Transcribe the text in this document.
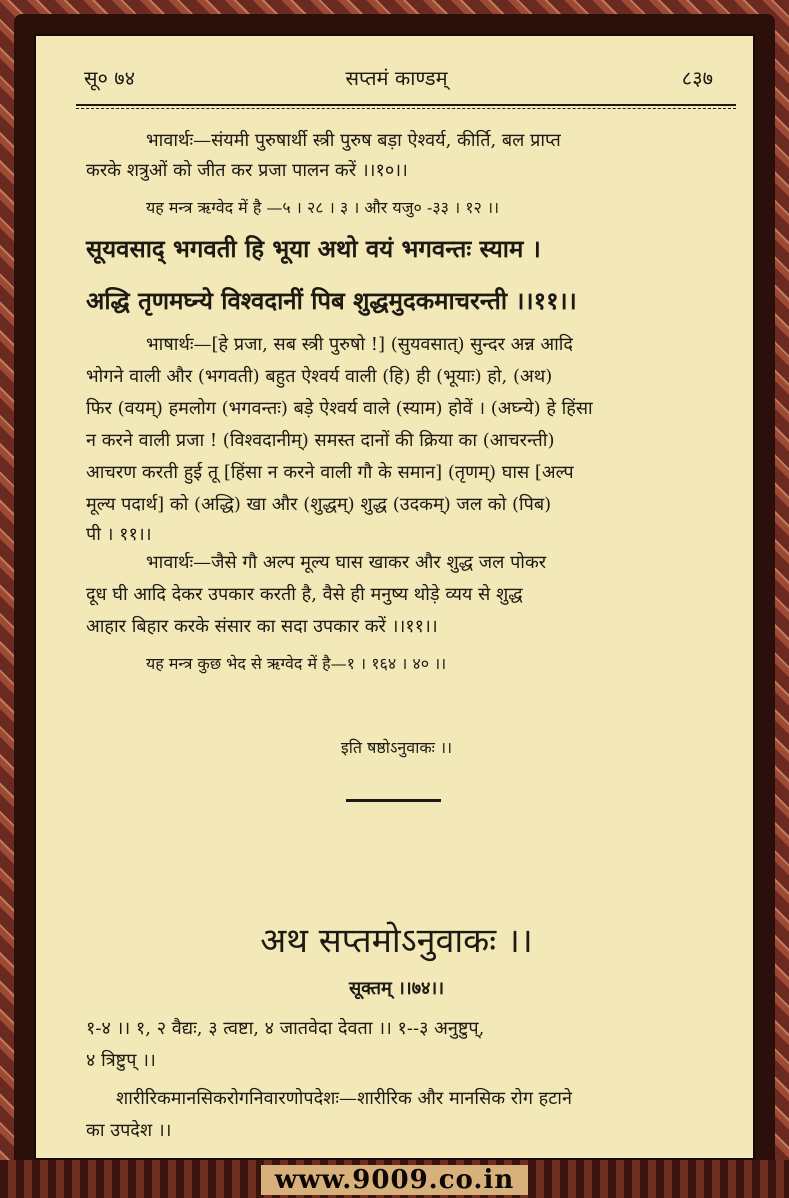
www.9009.co.in
सू० ७४	सप्तमं काण्डम्	८३७
भावार्थः—संयमी पुरुषार्थी स्त्री पुरुष बड़ा ऐश्वर्य, कीर्ति, बल प्राप्त
करके शत्रुओं को जीत कर प्रजा पालन करें ।।१०।।
यह मन्त्र ऋग्वेद में है —५ । २८ । ३ । और यजु० -३३ । १२ ।।
सूयवसाद् भगवती हि भूया अथो वयं भगवन्तः स्याम ।
अद्धि तृणमघ्न्ये विश्वदानीं पिब शुद्धमुदकमाचरन्ती ।।११।।
भाषार्थः—[हे प्रजा, सब स्त्री पुरुषो !] (सुयवसात्) सुन्दर अन्न आदि
भोगने वाली और (भगवती) बहुत ऐश्वर्य वाली (हि) ही (भूयाः) हो, (अथ)
फिर (वयम्) हमलोग (भगवन्तः) बड़े ऐश्वर्य वाले (स्याम) होवें । (अघ्न्ये) हे हिंसा
न करने वाली प्रजा ! (विश्वदानीम्) समस्त दानों की क्रिया का (आचरन्ती)
आचरण करती हुई तू [हिंसा न करने वाली गौ के समान] (तृणम्) घास [अल्प
मूल्य पदार्थ] को (अद्धि) खा और (शुद्धम्) शुद्ध (उदकम्) जल को (पिब)
पी । ११।।
भावार्थः—जैसे गौ अल्प मूल्य घास खाकर और शुद्ध जल पोकर
दूध घी आदि देकर उपकार करती है, वैसे ही मनुष्य थोड़े व्यय से शुद्ध
आहार बिहार करके संसार का सदा उपकार करें ।।११।।
यह मन्त्र कुछ भेद से ऋग्वेद में है—१ । १६४ । ४० ।।
इति षष्ठोऽनुवाकः ।।
अथ सप्तमोऽनुवाकः ।।
सूक्तम् ।।७४।।
१-४ ।। १, २ वैद्यः, ३ त्वष्टा, ४ जातवेदा देवता ।। १--३ अनुष्टुप्,
४ त्रिष्टुप् ।।
शारीरिकमानसिकरोगनिवारणोपदेशः—शारीरिक और मानसिक रोग हटाने
का उपदेश ।।
